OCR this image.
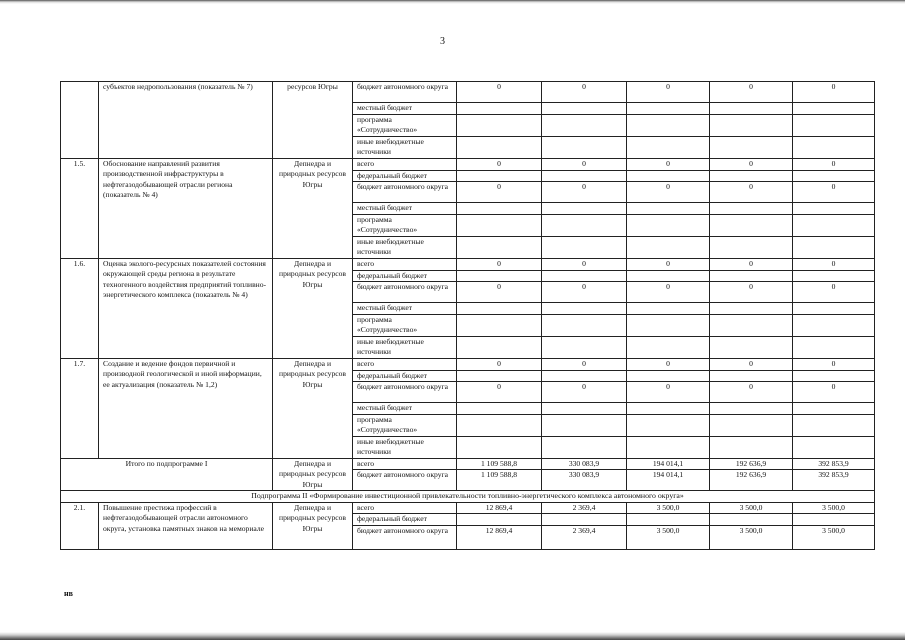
3
	субъектов недропользования (показатель № 7)	ресурсов Югры	бюджет автономного округа	0	0	0	0	0
			местный бюджет					
			программа «Сотрудничество»					
			иные внебюджетные источники					
1.5.	Обоснование направлений развития производственной инфраструктуры в нефтегазодобывающей отрасли региона (показатель № 4)	Депнедра и природных ресурсов Югры	всего	0	0	0	0	0
			федеральный бюджет					
			бюджет автономного округа	0	0	0	0	0
			местный бюджет					
			программа «Сотрудничество»					
			иные внебюджетные источники					
1.6.	Оценка эколого-ресурсных показателей состояния окружающей среды региона в результате техногенного воздействия предприятий топливно-энергетического комплекса (показатель № 4)	Депнедра и природных ресурсов Югры	всего	0	0	0	0	0
			федеральный бюджет					
			бюджет автономного округа	0	0	0	0	0
			местный бюджет					
			программа «Сотрудничество»					
			иные внебюджетные источники					
1.7.	Создание и ведение фондов первичной и производной геологической и иной информации, ее актуализация (показатель № 1,2)	Депнедра и природных ресурсов Югры	всего	0	0	0	0	0
			федеральный бюджет					
			бюджет автономного округа	0	0	0	0	0
			местный бюджет					
			программа «Сотрудничество»					
			иные внебюджетные источники					
Итого по подпрограмме I		Депнедра и природных ресурсов Югры	всего	1 109 588,8	330 083,9	194 014,1	192 636,9	392 853,9
			бюджет автономного округа	1 109 588,8	330 083,9	194 014,1	192 636,9	392 853,9
Подпрограмма II «Формирование инвестиционной привлекательности топливно-энергетического комплекса автономного округа»								
2.1.	Повышение престижа профессий в нефтегазодобывающей отрасли автономного округа, установка памятных знаков на мемориале	Депнедра и природных ресурсов Югры	всего	12 869,4	2 369,4	3 500,0	3 500,0	3 500,0
			федеральный бюджет					
			бюджет автономного округа	12 869,4	2 369,4	3 500,0	3 500,0	3 500,0
нв
